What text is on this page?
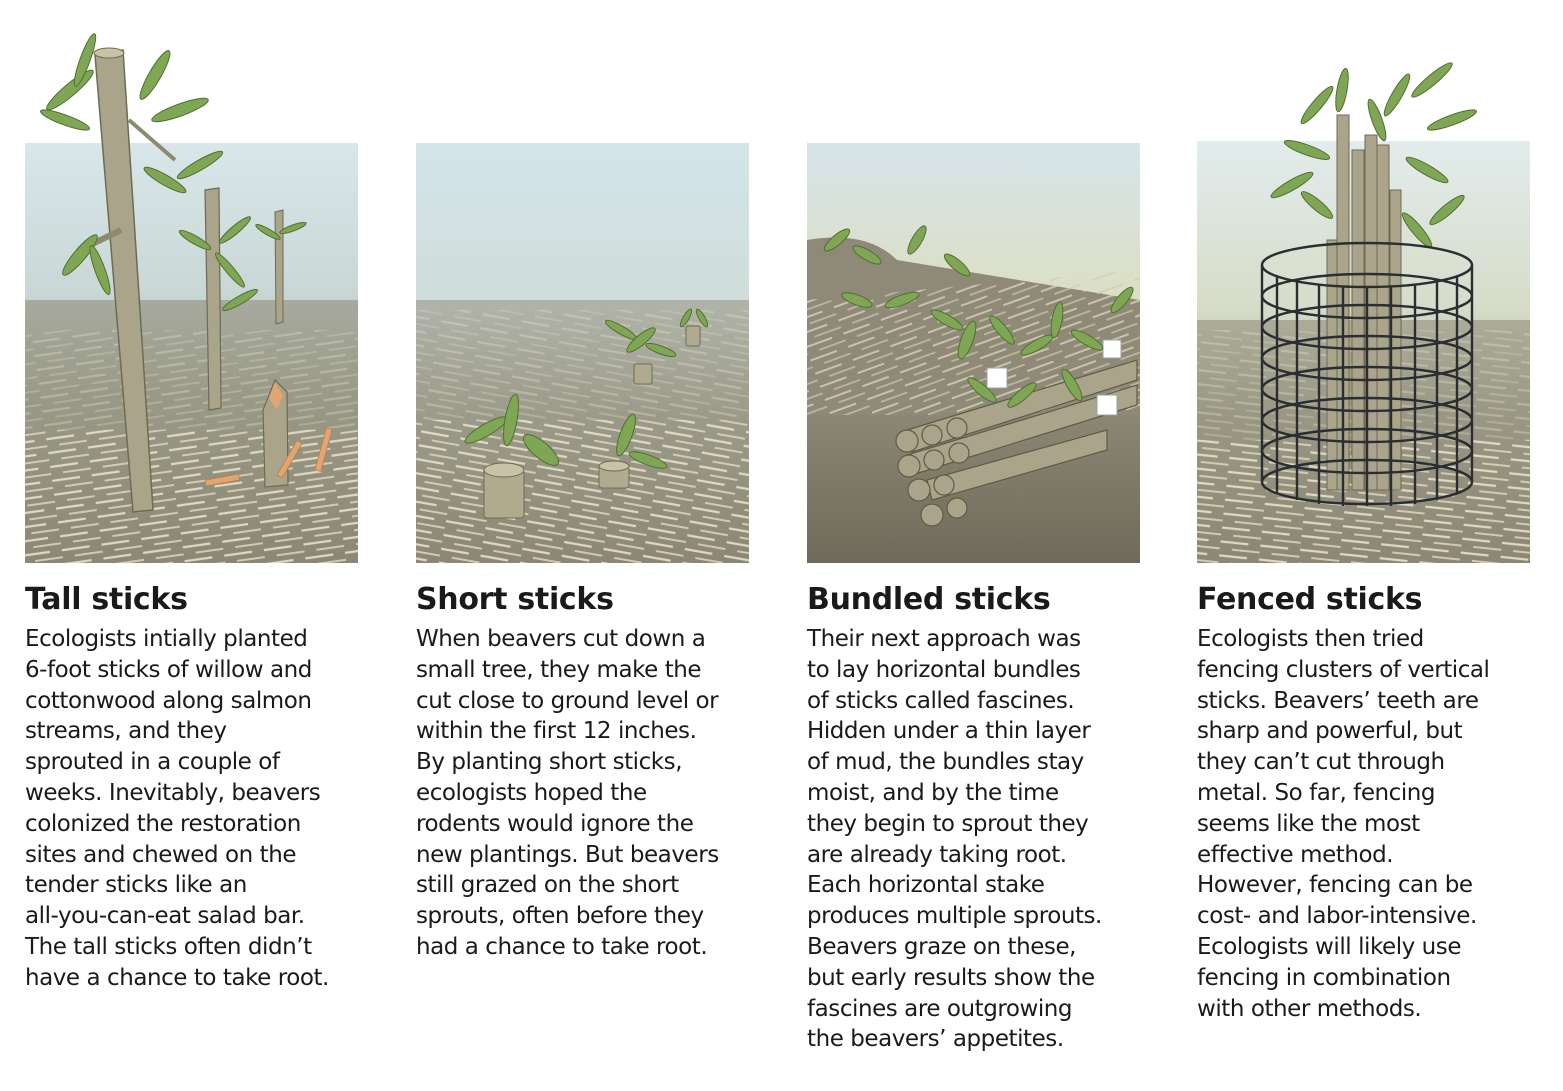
Tall sticks
Ecologists intially planted
6-foot sticks of willow and
cottonwood along salmon
streams, and they
sprouted in a couple of
weeks. Inevitably, beavers
colonized the restoration
sites and chewed on the
tender sticks like an
all-you-can-eat salad bar.
The tall sticks often didn’t
have a chance to take root.
Short sticks
When beavers cut down a
small tree, they make the
cut close to ground level or
within the first 12 inches.
By planting short sticks,
ecologists hoped the
rodents would ignore the
new plantings. But beavers
still grazed on the short
sprouts, often before they
had a chance to take root.
Bundled sticks
Their next approach was
to lay horizontal bundles
of sticks called fascines.
Hidden under a thin layer
of mud, the bundles stay
moist, and by the time
they begin to sprout they
are already taking root.
Each horizontal stake
produces multiple sprouts.
Beavers graze on these,
but early results show the
fascines are outgrowing
the beavers’ appetites.
Fenced sticks
Ecologists then tried
fencing clusters of vertical
sticks. Beavers’ teeth are
sharp and powerful, but
they can’t cut through
metal. So far, fencing
seems like the most
effective method.
However, fencing can be
cost- and labor-intensive.
Ecologists will likely use
fencing in combination
with other methods.
